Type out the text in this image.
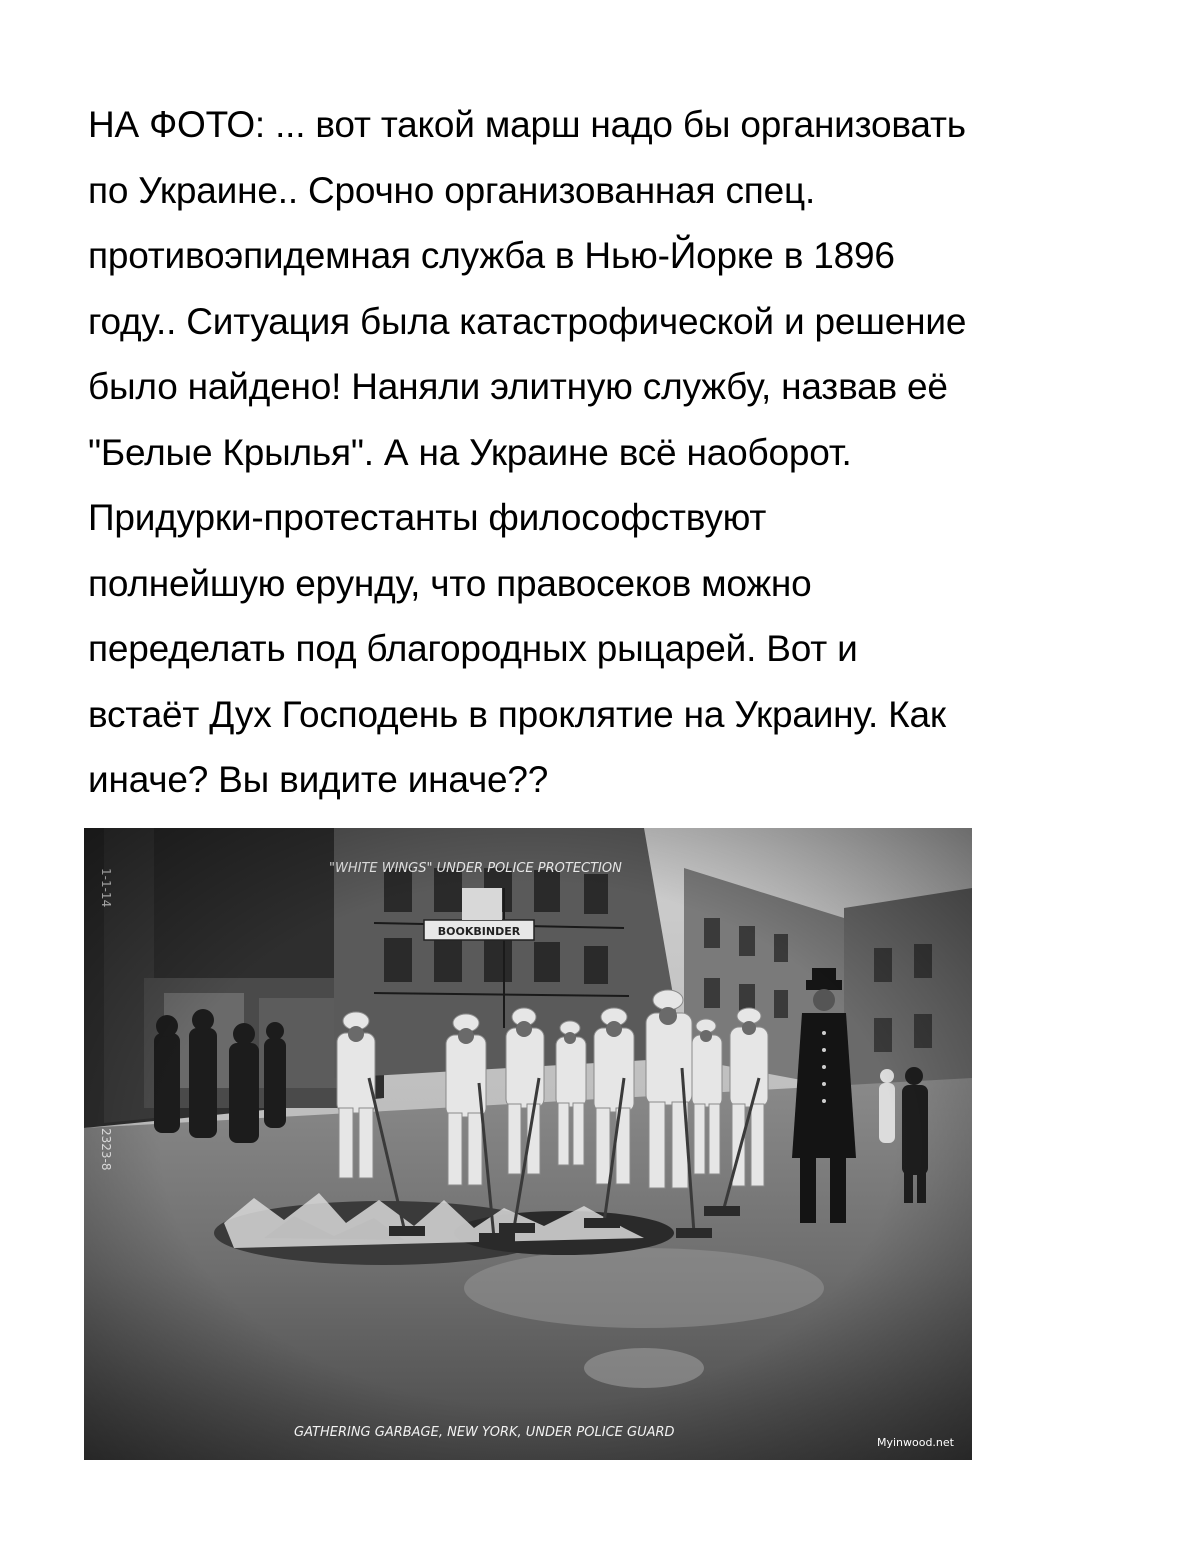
НА ФОТО: ... вот такой марш надо бы организовать
по Украине.. Срочно организованная спец.
противоэпидемная служба в Нью-Йорке в 1896
году.. Ситуация была катастрофической и решение
было найдено! Наняли элитную службу, назвав её
"Белые Крылья". А на Украине всё наоборот.
Придурки-протестанты философствуют
полнейшую ерунду, что правосеков можно
переделать под благородных рыцарей. Вот и
встаёт Дух Господень в проклятие на Украину. Как
иначе? Вы видите иначе??

GATHERING GARBAGE, NEW YORK, UNDER POLICE GUARD
Myinwood.net
